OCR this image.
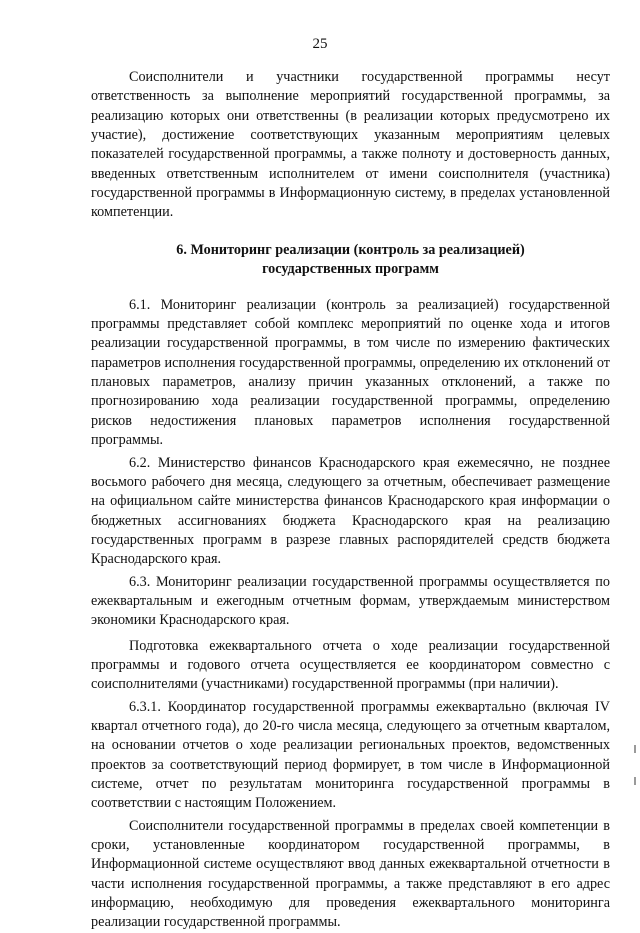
25

Соисполнители и участники государственной программы несут ответственность за выполнение мероприятий государственной программы, за реализацию которых они ответственны (в реализации которых предусмотрено их участие), достижение соответствующих указанным мероприятиям целевых показателей государственной программы, а также полноту и достоверность данных, введенных ответственным исполнителем от имени соисполнителя (участника) государственной программы в Информационную систему, в пределах установленной компетенции.

6. Мониторинг реализации (контроль за реализацией)
государственных программ

6.1. Мониторинг реализации (контроль за реализацией) государственной программы представляет собой комплекс мероприятий по оценке хода и итогов реализации государственной программы, в том числе по измерению фактических параметров исполнения государственной программы, определению их отклонений от плановых параметров, анализу причин указанных отклонений, а также по прогнозированию хода реализации государственной программы, определению рисков недостижения плановых параметров исполнения государственной программы.

6.2. Министерство финансов Краснодарского края ежемесячно, не позднее восьмого рабочего дня месяца, следующего за отчетным, обеспечивает размещение на официальном сайте министерства финансов Краснодарского края информации о бюджетных ассигнованиях бюджета Краснодарского края на реализацию государственных программ в разрезе главных распорядителей средств бюджета Краснодарского края.

6.3. Мониторинг реализации государственной программы осуществляется по ежеквартальным и ежегодным отчетным формам, утверждаемым министерством экономики Краснодарского края.

Подготовка ежеквартального отчета о ходе реализации государственной программы и годового отчета осуществляется ее координатором совместно с соисполнителями (участниками) государственной программы (при наличии).

6.3.1. Координатор государственной программы ежеквартально (включая IV квартал отчетного года), до 20-го числа месяца, следующего за отчетным кварталом, на основании отчетов о ходе реализации региональных проектов, ведомственных проектов за соответствующий период формирует, в том числе в Информационной системе, отчет по результатам мониторинга государственной программы в соответствии с настоящим Положением.

Соисполнители государственной программы в пределах своей компетенции в сроки, установленные координатором государственной программы, в Информационной системе осуществляют ввод данных ежеквартальной отчетности в части исполнения государственной программы, а также представляют в его адрес информацию, необходимую для проведения ежеквартального мониторинга реализации государственной программы.
